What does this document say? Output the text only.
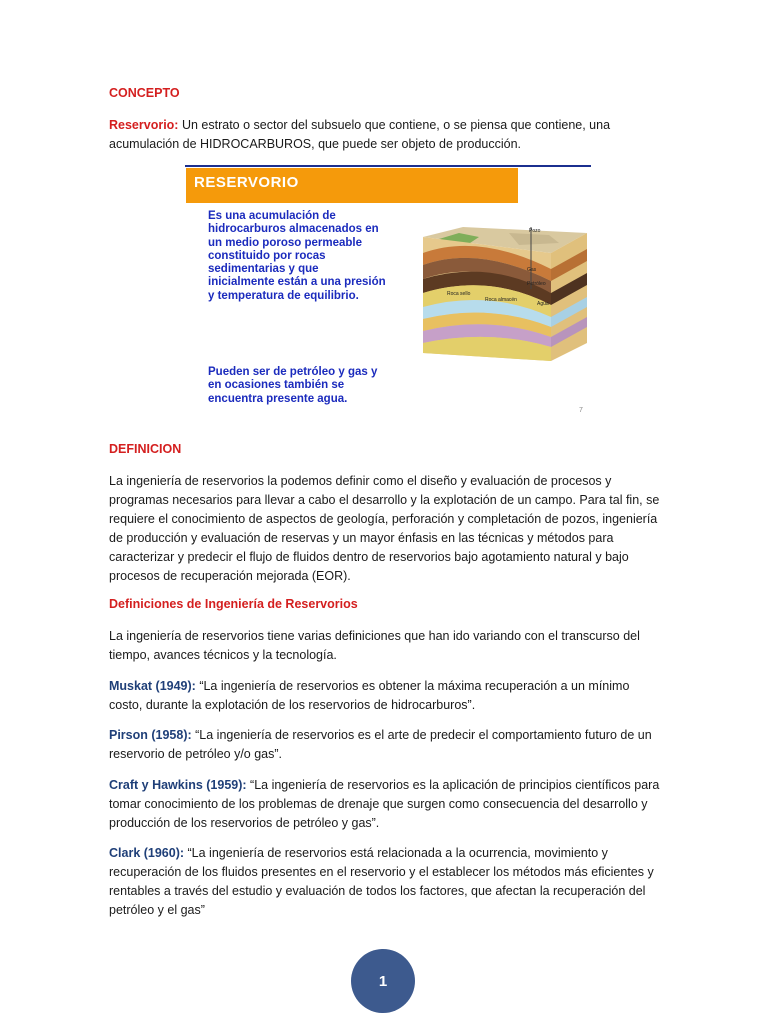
CONCEPTO
Reservorio: Un estrato o sector del subsuelo que contiene, o se piensa que contiene, una acumulación de HIDROCARBUROS, que puede ser objeto de producción.
RESERVORIO

Es una acumulación de hidrocarburos almacenados en un medio poroso permeable constituido por rocas sedimentarias y que inicialmente están a una presión y temperatura de equilibrio.

Pueden ser de petróleo y gas y en ocasiones también se encuentra presente agua.

Pozo
Gas
Petróleo
Roca sello
Roca almacén
Agua
7
DEFINICION
La ingeniería de reservorios la podemos definir como el diseño y evaluación de procesos y programas necesarios para llevar a cabo el desarrollo y la explotación de un campo. Para tal fin, se requiere el conocimiento de aspectos de geología, perforación y completación de pozos, ingeniería de producción y evaluación de reservas y un mayor énfasis en las técnicas y métodos para caracterizar y predecir el flujo de fluidos dentro de reservorios bajo agotamiento natural y bajo procesos de recuperación mejorada (EOR).
Definiciones de Ingeniería de Reservorios
La ingeniería de reservorios tiene varias definiciones que han ido variando con el transcurso del tiempo, avances técnicos y la tecnología.
Muskat (1949): “La ingeniería de reservorios es obtener la máxima recuperación a un mínimo costo, durante la explotación de los reservorios de hidrocarburos”.
Pirson (1958): “La ingeniería de reservorios es el arte de predecir el comportamiento futuro de un reservorio de petróleo y/o gas”.
Craft y Hawkins (1959): “La ingeniería de reservorios es la aplicación de principios científicos para tomar conocimiento de los problemas de drenaje que surgen como consecuencia del desarrollo y producción de los reservorios de petróleo y gas”.
Clark (1960): “La ingeniería de reservorios está relacionada a la ocurrencia, movimiento y recuperación de los fluidos presentes en el reservorio y el establecer los métodos más eficientes y rentables a través del estudio y evaluación de todos los factores, que afectan la recuperación del petróleo y el gas”
1
